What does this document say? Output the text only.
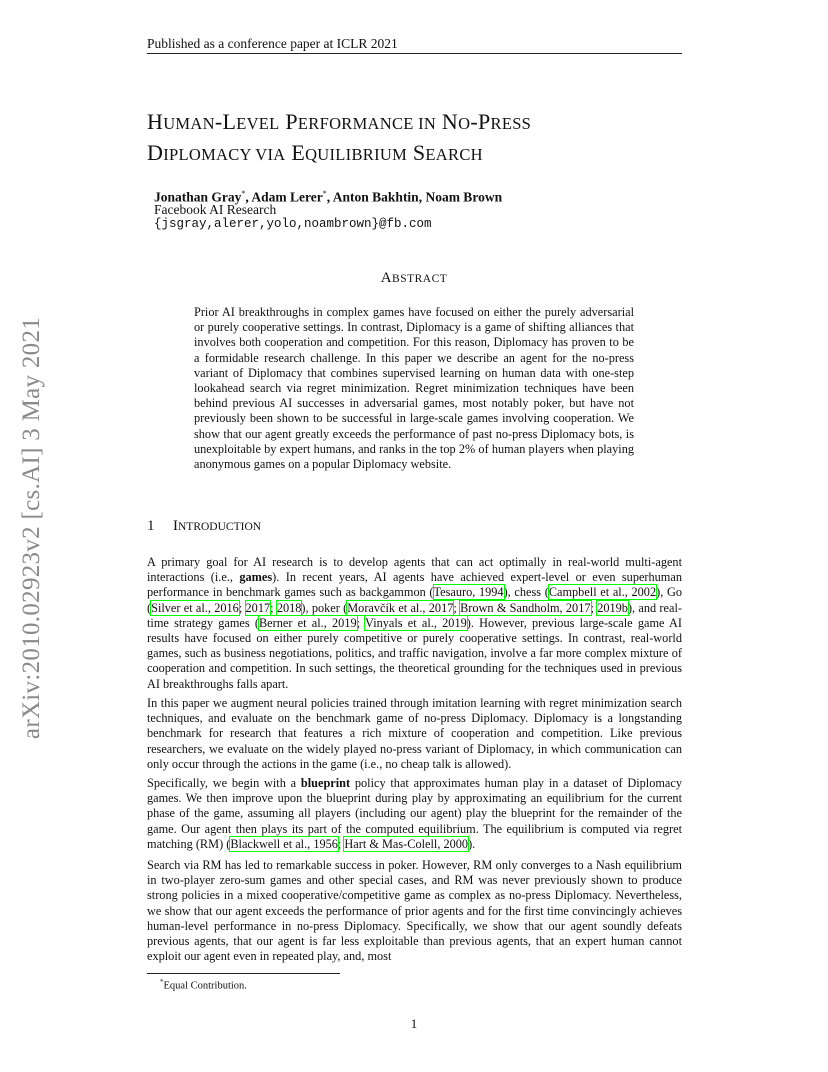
Published as a conference paper at ICLR 2021
HUMAN-LEVEL PERFORMANCE IN NO-PRESS
DIPLOMACY VIA EQUILIBRIUM SEARCH
Jonathan Gray*, Adam Lerer*, Anton Bakhtin, Noam Brown
Facebook AI Research
{jsgray,alerer,yolo,noambrown}@fb.com
arXiv:2010.02923v2 [cs.AI] 3 May 2021
ABSTRACT
Prior AI breakthroughs in complex games have focused on either the purely adversarial or purely cooperative settings. In contrast, Diplomacy is a game of shifting alliances that involves both cooperation and competition. For this reason, Diplomacy has proven to be a formidable research challenge. In this paper we describe an agent for the no-press variant of Diplomacy that combines supervised learning on human data with one-step lookahead search via regret minimization. Regret minimization techniques have been behind previous AI successes in adversarial games, most notably poker, but have not previously been shown to be successful in large-scale games involving cooperation. We show that our agent greatly exceeds the performance of past no-press Diplomacy bots, is unexploitable by expert humans, and ranks in the top 2% of human players when playing anonymous games on a popular Diplomacy website.
1 INTRODUCTION
A primary goal for AI research is to develop agents that can act optimally in real-world multi-agent interactions (i.e., games). In recent years, AI agents have achieved expert-level or even superhuman performance in benchmark games such as backgammon (Tesauro, 1994), chess (Campbell et al., 2002), Go (Silver et al., 2016; 2017; 2018), poker (Moravčík et al., 2017; Brown & Sandholm, 2017; 2019b), and real-time strategy games (Berner et al., 2019; Vinyals et al., 2019). However, previous large-scale game AI results have focused on either purely competitive or purely cooperative settings. In contrast, real-world games, such as business negotiations, politics, and traffic navigation, involve a far more complex mixture of cooperation and competition. In such settings, the theoretical grounding for the techniques used in previous AI breakthroughs falls apart.
In this paper we augment neural policies trained through imitation learning with regret minimization search techniques, and evaluate on the benchmark game of no-press Diplomacy. Diplomacy is a longstanding benchmark for research that features a rich mixture of cooperation and competition. Like previous researchers, we evaluate on the widely played no-press variant of Diplomacy, in which communication can only occur through the actions in the game (i.e., no cheap talk is allowed).
Specifically, we begin with a blueprint policy that approximates human play in a dataset of Diplomacy games. We then improve upon the blueprint during play by approximating an equilibrium for the current phase of the game, assuming all players (including our agent) play the blueprint for the remainder of the game. Our agent then plays its part of the computed equilibrium. The equilibrium is computed via regret matching (RM) (Blackwell et al., 1956; Hart & Mas-Colell, 2000).
Search via RM has led to remarkable success in poker. However, RM only converges to a Nash equilibrium in two-player zero-sum games and other special cases, and RM was never previously shown to produce strong policies in a mixed cooperative/competitive game as complex as no-press Diplomacy. Nevertheless, we show that our agent exceeds the performance of prior agents and for the first time convincingly achieves human-level performance in no-press Diplomacy. Specifically, we show that our agent soundly defeats previous agents, that our agent is far less exploitable than previous agents, that an expert human cannot exploit our agent even in repeated play, and, most
*Equal Contribution.
1
